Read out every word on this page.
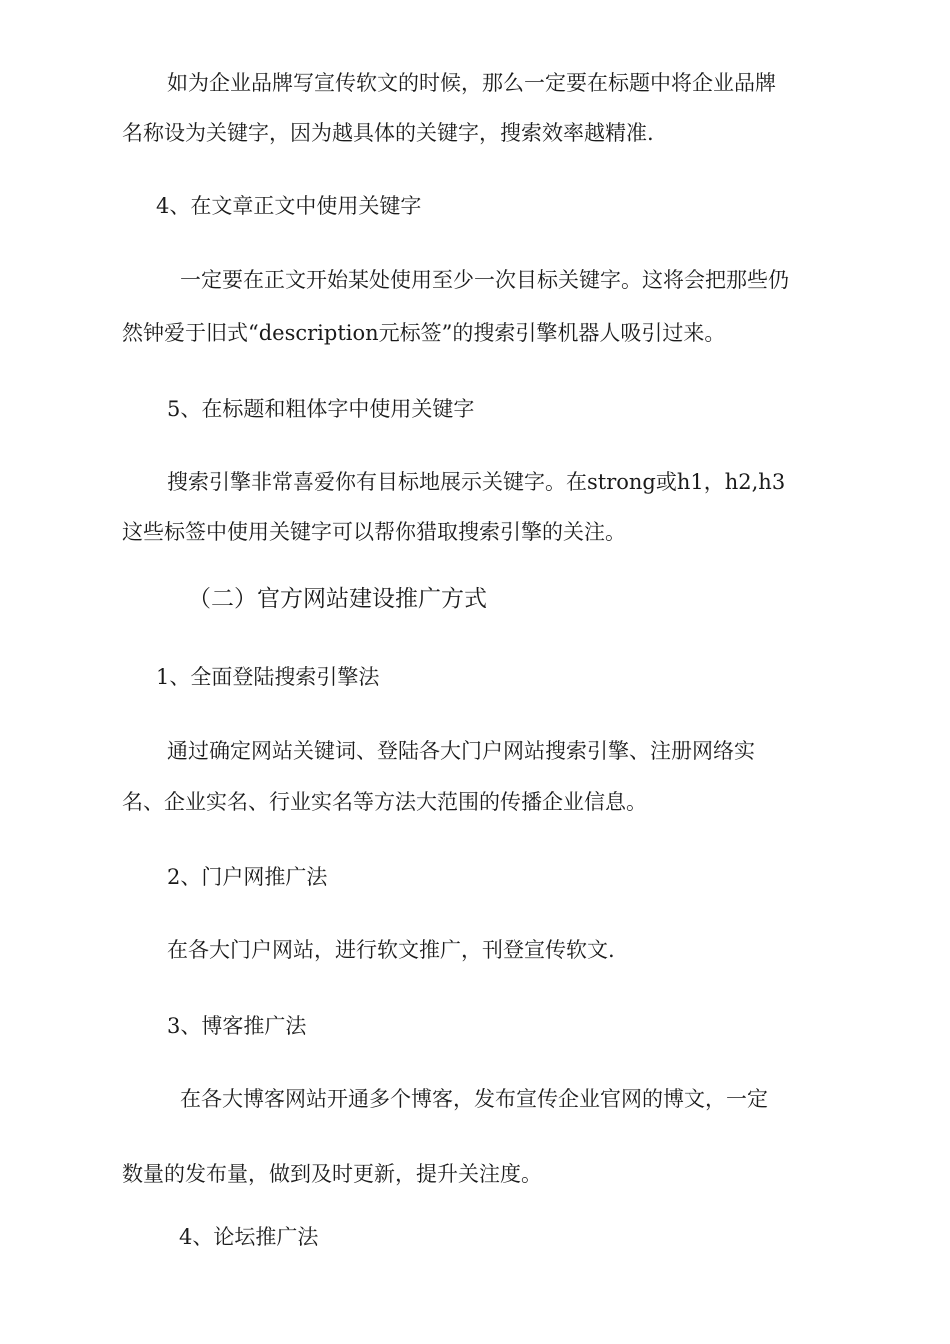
如为企业品牌写宣传软文的时候，那么一定要在标题中将企业品牌

名称设为关键字，因为越具体的关键字，搜索效率越精准.

4、在文章正文中使用关键字

一定要在正文开始某处使用至少一次目标关键字。这将会把那些仍

然钟爱于旧式“description元标签”的搜索引擎机器人吸引过来。

5、在标题和粗体字中使用关键字

搜索引擎非常喜爱你有目标地展示关键字。在strong或h1，h2,h3

这些标签中使用关键字可以帮你猎取搜索引擎的关注。

（二）官方网站建设推广方式

1、全面登陆搜索引擎法

通过确定网站关键词、登陆各大门户网站搜索引擎、注册网络实

名、企业实名、行业实名等方法大范围的传播企业信息。

2、门户网推广法

在各大门户网站，进行软文推广，刊登宣传软文.

3、博客推广法

在各大博客网站开通多个博客，发布宣传企业官网的博文，一定

数量的发布量，做到及时更新，提升关注度。

4、论坛推广法
